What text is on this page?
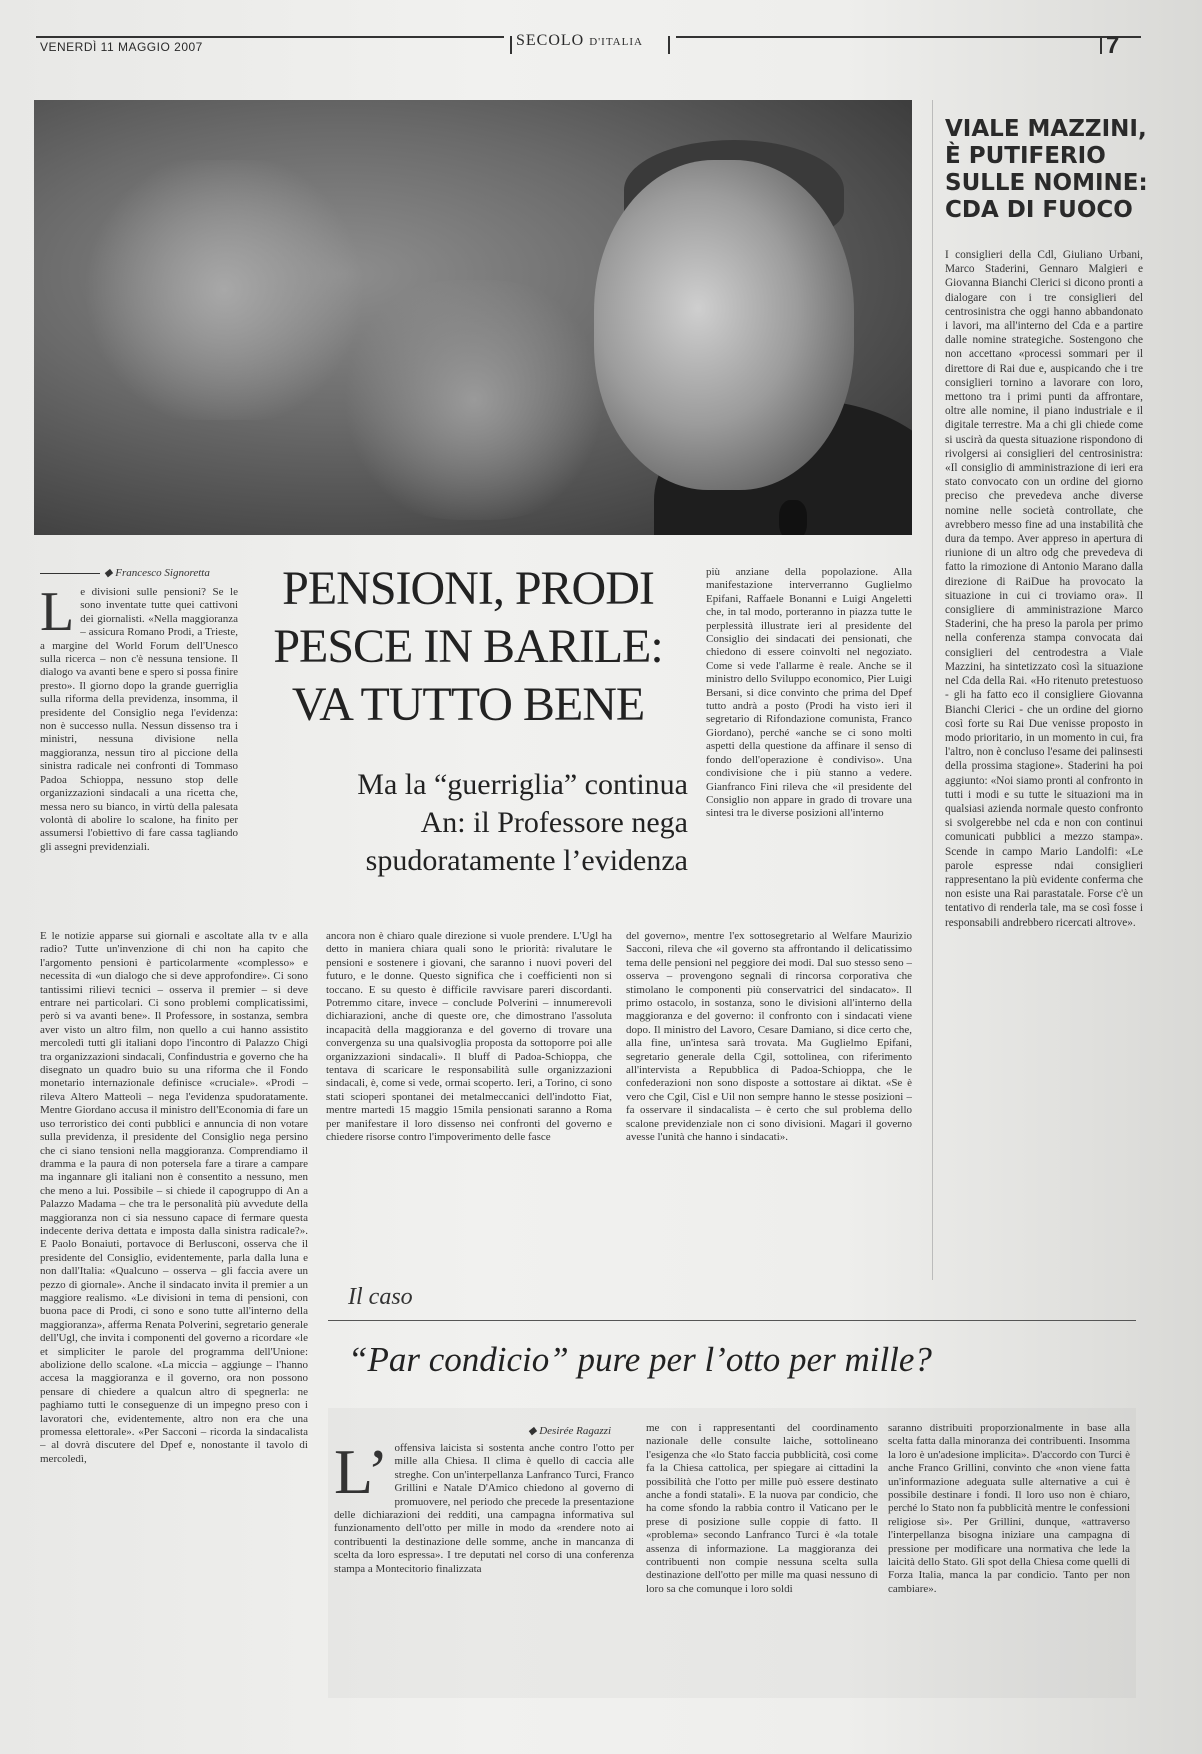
VENERDÌ 11 MAGGIO 2007	SECOLO D'ITALIA	7
VIALE MAZZINI,
È PUTIFERIO
SULLE NOMINE:
CDA DI FUOCO
I consiglieri della Cdl, Giuliano Urbani, Marco Staderini, Gennaro Malgieri e Giovanna Bianchi Clerici si dicono pronti a dialogare con i tre consiglieri del centrosinistra che oggi hanno abbandonato i lavori, ma all'interno del Cda e a partire dalle nomine strategiche. Sostengono che non accettano «processi sommari per il direttore di Rai due e, auspicando che i tre consiglieri tornino a lavorare con loro, mettono tra i primi punti da affrontare, oltre alle nomine, il piano industriale e il digitale terrestre. Ma a chi gli chiede come si uscirà da questa situazione rispondono di rivolgersi ai consiglieri del centrosinistra: «Il consiglio di amministrazione di ieri era stato convocato con un ordine del giorno preciso che prevedeva anche diverse nomine nelle società controllate, che avrebbero messo fine ad una instabilità che dura da tempo. Aver appreso in apertura di riunione di un altro odg che prevedeva di fatto la rimozione di Antonio Marano dalla direzione di RaiDue ha provocato la situazione in cui ci troviamo ora». Il consigliere di amministrazione Marco Staderini, che ha preso la parola per primo nella conferenza stampa convocata dai consiglieri del centrodestra a Viale Mazzini, ha sintetizzato così la situazione nel Cda della Rai. «Ho ritenuto pretestuoso - gli ha fatto eco il consigliere Giovanna Bianchi Clerici - che un ordine del giorno così forte su Rai Due venisse proposto in modo prioritario, in un momento in cui, fra l'altro, non è concluso l'esame dei palinsesti della prossima stagione». Staderini ha poi aggiunto: «Noi siamo pronti al confronto in tutti i modi e su tutte le situazioni ma in qualsiasi azienda normale questo confronto si svolgerebbe nel cda e non con continui comunicati pubblici a mezzo stampa». Scende in campo Mario Landolfi: «Le parole espresse ndai consiglieri rappresentano la più evidente conferma che non esiste una Rai parastatale. Forse c'è un tentativo di renderla tale, ma se così fosse i responsabili andrebbero ricercati altrove».
◆ Francesco Signoretta
L e divisioni sulle pensioni? Se le sono inventate tutte quei cattivoni dei giornalisti. «Nella maggioranza – assicura Romano Prodi, a Trieste, a margine del World Forum dell'Unesco sulla ricerca – non c'è nessuna tensione. Il dialogo va avanti bene e spero si possa finire presto». Il giorno dopo la grande guerriglia sulla riforma della previdenza, insomma, il presidente del Consiglio nega l'evidenza: non è successo nulla. Nessun dissenso tra i ministri, nessuna divisione nella maggioranza, nessun tiro al piccione della sinistra radicale nei confronti di Tommaso Padoa Schioppa, nessuno stop delle organizzazioni sindacali a una ricetta che, messa nero su bianco, in virtù della palesata volontà di abolire lo scalone, ha finito per assumersi l'obiettivo di fare cassa tagliando gli assegni previdenziali.
PENSIONI, PRODI
PESCE IN BARILE:
VA TUTTO BENE
Ma la “guerriglia” continua
An: il Professore nega
spudoratamente l’evidenza
E le notizie apparse sui giornali e ascoltate alla tv e alla radio? Tutte un'invenzione di chi non ha capito che l'argomento pensioni è particolarmente «complesso» e necessita di «un dialogo che si deve approfondire». Ci sono tantissimi rilievi tecnici – osserva il premier – si deve entrare nei particolari. Ci sono problemi complicatissimi, però si va avanti bene». Il Professore, in sostanza, sembra aver visto un altro film, non quello a cui hanno assistito mercoledì tutti gli italiani dopo l'incontro di Palazzo Chigi tra organizzazioni sindacali, Confindustria e governo che ha disegnato un quadro buio su una riforma che il Fondo monetario internazionale definisce «cruciale». «Prodi – rileva Altero Matteoli – nega l'evidenza spudoratamente. Mentre Giordano accusa il ministro dell'Economia di fare un uso terroristico dei conti pubblici e annuncia di non votare sulla previdenza, il presidente del Consiglio nega persino che ci siano tensioni nella maggioranza. Comprendiamo il dramma e la paura di non potersela fare a tirare a campare ma ingannare gli italiani non è consentito a nessuno, men che meno a lui. Possibile – si chiede il capogruppo di An a Palazzo Madama – che tra le personalità più avvedute della maggioranza non ci sia nessuno capace di fermare questa indecente deriva dettata e imposta dalla sinistra radicale?». E Paolo Bonaiuti, portavoce di Berlusconi, osserva che il presidente del Consiglio, evidentemente, parla dalla luna e non dall'Italia: «Qualcuno – osserva – gli faccia avere un pezzo di giornale». Anche il sindacato invita il premier a un maggiore realismo. «Le divisioni in tema di pensioni, con buona pace di Prodi, ci sono e sono tutte all'interno della maggioranza», afferma Renata Polverini, segretario generale dell'Ugl, che invita i componenti del governo a ricordare «le et simpliciter le parole del programma dell'Unione: abolizione dello scalone. «La miccia – aggiunge – l'hanno accesa la maggioranza e il governo, ora non possono pensare di chiedere a qualcun altro di spegnerla: ne paghiamo tutti le conseguenze di un impegno preso con i lavoratori che, evidentemente, altro non era che una promessa elettorale». «Per Sacconi – ricorda la sindacalista – al dovrà discutere del Dpef e, nonostante il tavolo di mercoledì,
ancora non è chiaro quale direzione si vuole prendere. L'Ugl ha detto in maniera chiara quali sono le priorità: rivalutare le pensioni e sostenere i giovani, che saranno i nuovi poveri del futuro, e le donne. Questo significa che i coefficienti non si toccano. E su questo è difficile ravvisare pareri discordanti. Potremmo citare, invece – conclude Polverini – innumerevoli dichiarazioni, anche di queste ore, che dimostrano l'assoluta incapacità della maggioranza e del governo di trovare una convergenza su una qualsivoglia proposta da sottoporre poi alle organizzazioni sindacali». Il bluff di Padoa-Schioppa, che tentava di scaricare le responsabilità sulle organizzazioni sindacali, è, come si vede, ormai scoperto. Ieri, a Torino, ci sono stati scioperi spontanei dei metalmeccanici dell'indotto Fiat, mentre martedì 15 maggio 15mila pensionati saranno a Roma per manifestare il loro dissenso nei confronti del governo e chiedere risorse contro l'impoverimento delle fasce
più anziane della popolazione. Alla manifestazione interverranno Guglielmo Epifani, Raffaele Bonanni e Luigi Angeletti che, in tal modo, porteranno in piazza tutte le perplessità illustrate ieri al presidente del Consiglio dei sindacati dei pensionati, che chiedono di essere coinvolti nel negoziato. Come si vede l'allarme è reale. Anche se il ministro dello Sviluppo economico, Pier Luigi Bersani, si dice convinto che prima del Dpef tutto andrà a posto (Prodi ha visto ieri il segretario di Rifondazione comunista, Franco Giordano), perché «anche se ci sono molti aspetti della questione da affinare il senso di fondo dell'operazione è condiviso». Una condivisione che i più stanno a vedere. Gianfranco Fini rileva che «il presidente del Consiglio non appare in grado di trovare una sintesi tra le diverse posizioni all'interno
del governo», mentre l'ex sottosegretario al Welfare Maurizio Sacconi, rileva che «il governo sta affrontando il delicatissimo tema delle pensioni nel peggiore dei modi. Dal suo stesso seno – osserva – provengono segnali di rincorsa corporativa che stimolano le componenti più conservatrici del sindacato». Il primo ostacolo, in sostanza, sono le divisioni all'interno della maggioranza e del governo: il confronto con i sindacati viene dopo. Il ministro del Lavoro, Cesare Damiano, si dice certo che, alla fine, un'intesa sarà trovata. Ma Guglielmo Epifani, segretario generale della Cgil, sottolinea, con riferimento all'intervista a Repubblica di Padoa-Schioppa, che le confederazioni non sono disposte a sottostare ai diktat. «Se è vero che Cgil, Cisl e Uil non sempre hanno le stesse posizioni – fa osservare il sindacalista – è certo che sul problema dello scalone previdenziale non ci sono divisioni. Magari il governo avesse l'unità che hanno i sindacati».
Il caso
“Par condicio” pure per l’otto per mille?
◆ Desirée Ragazzi
L’ offensiva laicista si sostenta anche contro l'otto per mille alla Chiesa. Il clima è quello di caccia alle streghe. Con un'interpellanza Lanfranco Turci, Franco Grillini e Natale D'Amico chiedono al governo di promuovere, nel periodo che precede la presentazione delle dichiarazioni dei redditi, una campagna informativa sul funzionamento dell'otto per mille in modo da «rendere noto ai contribuenti la destinazione delle somme, anche in mancanza di scelta da loro espressa». I tre deputati nel corso di una conferenza stampa a Montecitorio finalizzata
me con i rappresentanti del coordinamento nazionale delle consulte laiche, sottolineano l'esigenza che «lo Stato faccia pubblicità, così come fa la Chiesa cattolica, per spiegare ai cittadini la possibilità che l'otto per mille può essere destinato anche a fondi statali». E la nuova par condicio, che ha come sfondo la rabbia contro il Vaticano per le prese di posizione sulle coppie di fatto. Il «problema» secondo Lanfranco Turci è «la totale assenza di informazione. La maggioranza dei contribuenti non compie nessuna scelta sulla destinazione dell'otto per mille ma quasi nessuno di loro sa che comunque i loro soldi
saranno distribuiti proporzionalmente in base alla scelta fatta dalla minoranza dei contribuenti. Insomma la loro è un'adesione implicita». D'accordo con Turci è anche Franco Grillini, convinto che «non viene fatta un'informazione adeguata sulle alternative a cui è possibile destinare i fondi. Il loro uso non è chiaro, perché lo Stato non fa pubblicità mentre le confessioni religiose sì». Per Grillini, dunque, «attraverso l'interpellanza bisogna iniziare una campagna di pressione per modificare una normativa che lede la laicità dello Stato. Gli spot della Chiesa come quelli di Forza Italia, manca la par condicio. Tanto per non cambiare».
